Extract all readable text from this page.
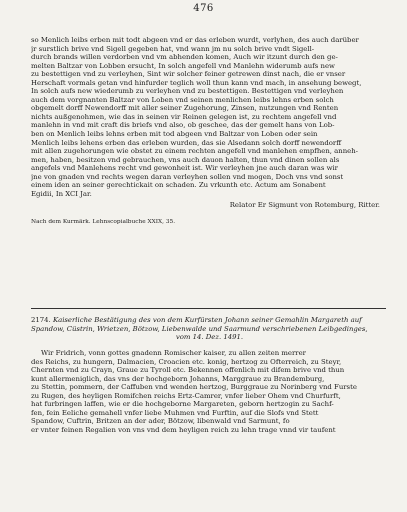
476
so Menlich leibs erben mit todt abgeen vnd er das erleben wurdt, verlyhen, des auch darüber
jr surstlich brive vnd Sigell gegeben hat, vnd wann jm nu solch brive vndt Sigell-
durch brands willen verdorben vnd vm abhenden komen, Auch wir itzunt durch den ge-
melten Baltzar von Lobben ersucht, In solch angefell vnd Manlehn widerumb aufs new
zu bestettigen vnd zu verleyhen, Sint wir solcher feiner getrewen dinst nach, die er vnser
Herschaft vormals getan vnd hinfurder teglich woll thun kann vnd mach, in ansehung bewegt,
In solch aufs new wiederumb zu verleyhen vnd zu bestettigen. Bestettigen vnd verleyhen
auch dem vorgnanten Baltzar von Loben vnd seinen menlichen leibs lehns erben solch
obgemelt dorff Newendorff mit aller seiner Zugehorung, Zinsen, nutzungen vnd Renten
nichts außgenohmen, wie das in seinen vir Reinen gelegen ist, zu rechtem angefell vnd
manlehn in vnd mit craft dis briefs vnd also, ob geschee, das der gemelt hans von Lob-
ben on Menlich leibs lehns erben mit tod abgeen vnd Baltzar von Loben oder sein
Menlich leibs lehens erben das erleben wurden, das sie Alsedann solch dorff newendorff
mit allen zugehorungen wie obstet zu einem rechten angefell vnd manlehen empfhen, anneh-
men, haben, besitzen vnd gebrauchen, vns auch dauon halten, thun vnd dinen sollen als
angefels vnd Manlehens recht vnd gewonheit ist. Wir verleyhen jne auch daran was wir
jne von gnaden vnd rechts wegen daran verleyhen sollen vnd mogen, Doch vns vnd sonst
einem iden an seiner gerechtickait on schaden. Zu vrkunth etc. Actum am Sonabent
Egidii, In XCI Jar.
Relator Er Sigmunt von Rotemburg, Ritter.
Nach dem Kurmärk. Lehnscopialbuche XXIX, 35.
2174. Kaiserliche Bestätigung des von dem Kurfürsten Johann seiner Gemahlin Margareth auf
Spandow, Cüstrin, Wrietzen, Bötzow, Liebenwalde und Saarmund verschriebenen Leibgedinges,
vom 14. Dez. 1491.
Wir Fridrich, vonn gottes gnadenn Romischer kaiser, zu allen zeiten merrer
des Reichs, zu hungern, Dalmacien, Croacien etc. konig, hertzog zu Ofterreich, zu Steyr,
Chernten vnd zu Crayn, Graue zu Tyroll etc. Bekennen offenlich mit difem brive vnd thun
kunt allermeniglich, das vns der hochgeborn Johanns, Marggraue zu Brandemburg,
zu Stettin, pommern, der Caffuben vnd wenden hertzog, Burggraue zu Norinberg vnd Furste
zu Rugen, des heyligen Romifchen reichs Ertz-Camrer, vnfer lieber Ohem vnd Churfurft,
hat furbringen laffen, wie er die hochgeborne Margareten, geborn hertzogin zu Sachf-
fen, fein Eeliche gemahell vnfer liebe Muhmen vnd Furftin, auf die Slofs vnd Stett
Spandow, Cuftrin, Britzen an der ader, Bötzow, libenwald vnd Sarmunt, fo
er vnter feinen Regalien von vns vnd dem heyligen reich zu lehn trage vnnd vir taufent
